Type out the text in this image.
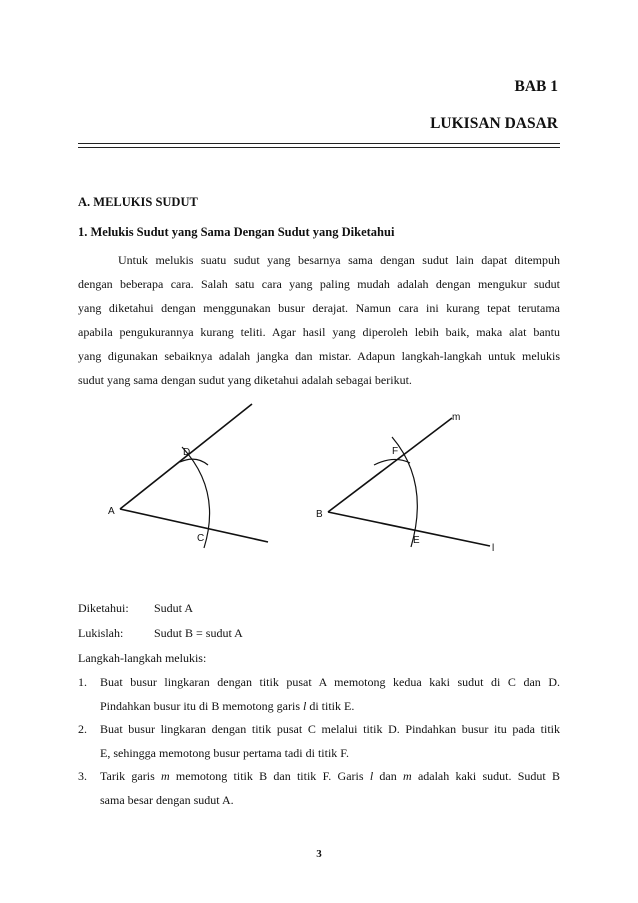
BAB 1
LUKISAN DASAR
A. MELUKIS SUDUT
1. Melukis Sudut yang Sama Dengan Sudut yang Diketahui
Untuk melukis suatu sudut yang besarnya sama dengan sudut lain dapat ditempuh
dengan beberapa cara. Salah satu cara yang paling mudah adalah dengan mengukur sudut
yang diketahui dengan menggunakan busur derajat. Namun cara ini kurang tepat terutama
apabila pengukurannya kurang teliti. Agar hasil yang diperoleh lebih baik, maka alat bantu
yang digunakan sebaiknya adalah jangka dan mistar. Adapun langkah-langkah untuk melukis
sudut yang sama dengan sudut yang diketahui adalah sebagai berikut.
A
D
C
B
F
E
m
l
Diketahui: Sudut A
Lukislah:	Sudut B = sudut A
Langkah-langkah melukis:
1. Buat busur lingkaran dengan titik pusat A memotong kedua kaki sudut di C dan D.
Pindahkan busur itu di B memotong garis l di titik E.
2. Buat busur lingkaran dengan titik pusat C melalui titik D. Pindahkan busur itu pada titik
E, sehingga memotong busur pertama tadi di titik F.
3. Tarik garis m memotong titik B dan titik F. Garis l dan m adalah kaki sudut. Sudut B
sama besar dengan sudut A.
3
